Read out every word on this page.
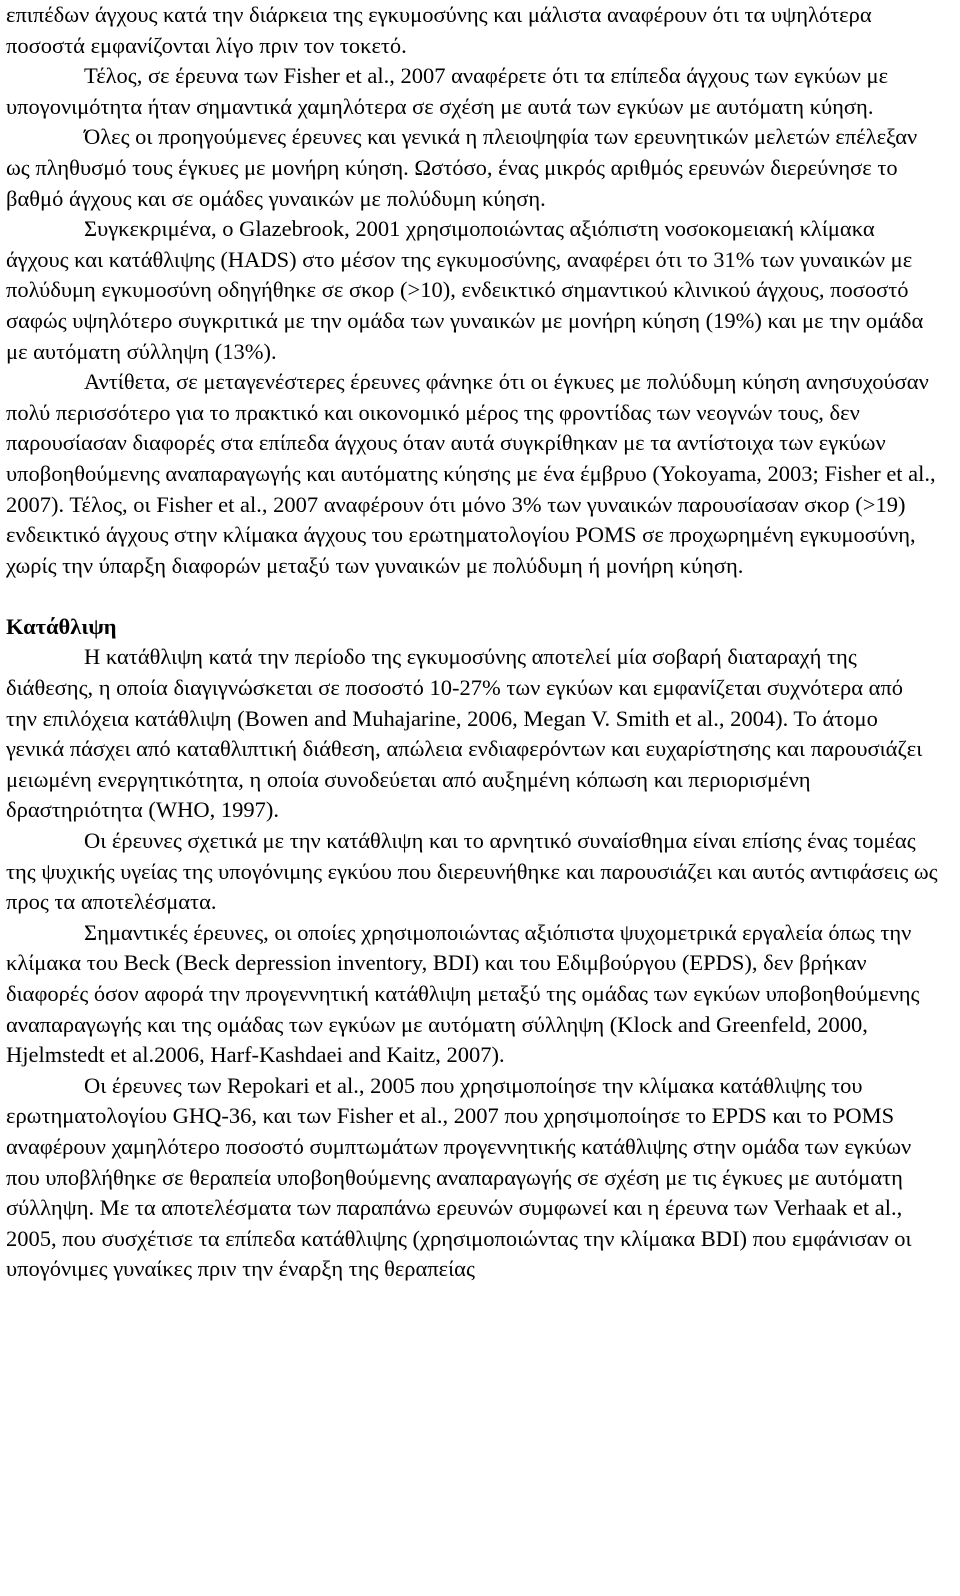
επιπέδων άγχους κατά την διάρκεια της εγκυμοσύνης και μάλιστα αναφέρουν ότι τα υψηλότερα ποσοστά εμφανίζονται λίγο πριν τον τοκετό.

Τέλος, σε έρευνα των Fisher et al., 2007 αναφέρετε ότι τα επίπεδα άγχους των εγκύων με υπογονιμότητα ήταν σημαντικά χαμηλότερα σε σχέση με αυτά των εγκύων με αυτόματη κύηση.

Όλες οι προηγούμενες έρευνες και γενικά η πλειοψηφία των ερευνητικών μελετών επέλεξαν ως πληθυσμό τους έγκυες με μονήρη κύηση. Ωστόσο, ένας μικρός αριθμός ερευνών διερεύνησε το βαθμό άγχους και σε ομάδες γυναικών με πολύδυμη κύηση.

Συγκεκριμένα, ο Glazebrook, 2001 χρησιμοποιώντας αξιόπιστη νοσοκομειακή κλίμακα άγχους και κατάθλιψης (HADS) στο μέσον της εγκυμοσύνης, αναφέρει ότι το 31% των γυναικών με πολύδυμη εγκυμοσύνη οδηγήθηκε σε σκορ (>10), ενδεικτικό σημαντικού κλινικού άγχους, ποσοστό σαφώς υψηλότερο συγκριτικά με την ομάδα των γυναικών με μονήρη κύηση (19%) και με την ομάδα με αυτόματη σύλληψη (13%).

Αντίθετα, σε μεταγενέστερες έρευνες φάνηκε ότι οι έγκυες με πολύδυμη κύηση ανησυχούσαν πολύ περισσότερο για το πρακτικό και οικονομικό μέρος της φροντίδας των νεογνών τους, δεν παρουσίασαν διαφορές στα επίπεδα άγχους όταν αυτά συγκρίθηκαν με τα αντίστοιχα των εγκύων υποβοηθούμενης αναπαραγωγής και αυτόματης κύησης με ένα έμβρυο (Yokoyama, 2003; Fisher et al., 2007). Τέλος, οι Fisher et al., 2007 αναφέρουν ότι μόνο 3% των γυναικών παρουσίασαν σκορ (>19) ενδεικτικό άγχους στην κλίμακα άγχους του ερωτηματολογίου POMS σε προχωρημένη εγκυμοσύνη, χωρίς την ύπαρξη διαφορών μεταξύ των γυναικών με πολύδυμη ή μονήρη κύηση.

Κατάθλιψη

Η κατάθλιψη κατά την περίοδο της εγκυμοσύνης αποτελεί μία σοβαρή διαταραχή της διάθεσης, η οποία διαγιγνώσκεται σε ποσοστό 10-27% των εγκύων και εμφανίζεται συχνότερα από την επιλόχεια κατάθλιψη (Bowen and Muhajarine, 2006, Megan V. Smith et al., 2004). Το άτομο γενικά πάσχει από καταθλιπτική διάθεση, απώλεια ενδιαφερόντων και ευχαρίστησης και παρουσιάζει μειωμένη ενεργητικότητα, η οποία συνοδεύεται από αυξημένη κόπωση και περιορισμένη δραστηριότητα (WHO, 1997).

Οι έρευνες σχετικά με την κατάθλιψη και το αρνητικό συναίσθημα είναι επίσης ένας τομέας της ψυχικής υγείας της υπογόνιμης εγκύου που διερευνήθηκε και παρουσιάζει και αυτός αντιφάσεις ως προς τα αποτελέσματα.

Σημαντικές έρευνες, οι οποίες χρησιμοποιώντας αξιόπιστα ψυχομετρικά εργαλεία όπως την κλίμακα του Beck (Beck depression inventory, BDI) και του Εδιμβούργου (EPDS), δεν βρήκαν διαφορές όσον αφορά την προγεννητική κατάθλιψη μεταξύ της ομάδας των εγκύων υποβοηθούμενης αναπαραγωγής και της ομάδας των εγκύων με αυτόματη σύλληψη (Klock and Greenfeld, 2000, Hjelmstedt et al.2006, Harf-Kashdaei and Kaitz, 2007).

Οι έρευνες των Repokari et al., 2005 που χρησιμοποίησε την κλίμακα κατάθλιψης του ερωτηματολογίου GHQ-36, και των Fisher et al., 2007 που χρησιμοποίησε το EPDS και το POMS αναφέρουν χαμηλότερο ποσοστό συμπτωμάτων προγεννητικής κατάθλιψης στην ομάδα των εγκύων που υποβλήθηκε σε θεραπεία υποβοηθούμενης αναπαραγωγής σε σχέση με τις έγκυες με αυτόματη σύλληψη. Με τα αποτελέσματα των παραπάνω ερευνών συμφωνεί και η έρευνα των Verhaak et al., 2005, που συσχέτισε τα επίπεδα κατάθλιψης (χρησιμοποιώντας την κλίμακα BDI) που εμφάνισαν οι υπογόνιμες γυναίκες πριν την έναρξη της θεραπείας
